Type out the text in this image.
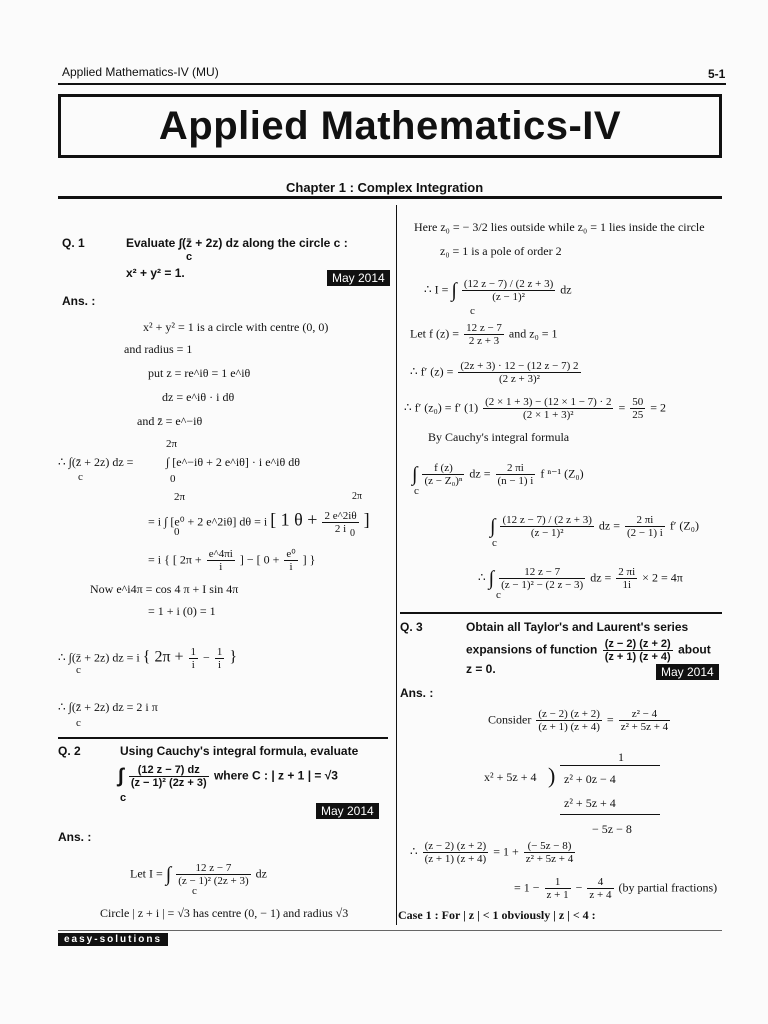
Applied Mathematics-IV (MU)	5-1
Applied Mathematics-IV
Chapter 1 : Complex Integration
Q. 1	Evaluate ∫(z̄ + 2z) dz along the circle c :
c
x² + y² = 1.	May 2014
Ans. :
x² + y² = 1 is a circle with centre (0, 0)
and radius = 1
put z = re^iθ = 1 e^iθ
dz = e^iθ · i dθ
and z̄ = e^−iθ
2π
∴ ∫(z̄ + 2z) dz =	∫ [e^−iθ + 2 e^iθ] · i e^iθ dθ
c	0
2π	2π
= i ∫ [e⁰ + 2 e^2iθ] dθ = i [ 1 $\theta + \frac{2 e\^{}2i\theta}{2 i}$ ]
0	0
= i { [ $2\pi + \frac{e\^{}4\pi i}{i}$ ] − [ $0 + \frac{\text{e⁰}}{i}$ ] }
Now e^i4π = cos 4 π + I sin 4π
= 1 + i (0) = 1
∴ ∫(z̄ + 2z) dz = i { $2\pi + \frac{1}{i} - \frac{1}{i}$ }
c
∴ ∫(z̄ + 2z) dz = 2 i π
c
Q. 2	Using Cauchy's integral formula, evaluate
∫ $\frac{(12 z - 7) dz}{\text{(z − 1)² (2z + 3)}}$ where C : | z + 1 | = √3
c
May 2014
Ans. :
Let I = ∫ $\frac{12 z - 7}{\text{(z − 1)² (2z + 3)}}$ dz
c
Circle | z + i | = √3 has centre (0, − 1) and radius √3
Here z₀ = − 3/2 lies outside while z₀ = 1 lies inside the circle
z₀ = 1 is a pole of order 2
∴ I = ∫ $\frac{(12 z - 7) / (2 z + 3)}{\text{(z − 1)²}}$ dz
c
Let f $(z) = \frac{12 z - 7}{2 z + 3}$ and z₀ = 1
∴ f′ $(z) = \frac{(2z + 3) \cdot 12 - (12 z - 7) 2}{\text{(2 z + 3)²}}$
∴ f′ (z₀) = f′ $(1) \frac{(2 \times 1 + 3) - (12 \times 1 - 7) \cdot 2}{\text{(2 × 1 + 3)²}} = \frac{50}{25} = 2$
By Cauchy's integral formula
∫ $\frac{f (z)}{\text{(z − Z₀)ⁿ}}$ dz = $\frac{2 \pi i}{(n - 1) i}$ f ⁿ⁻¹ (Z₀)
c
∫ $\frac{(12 z - 7) / (2 z + 3)}{\text{(z − 1)²}}$ dz = $\frac{2 \pi i}{(2 - 1) i} f'$ (Z₀)
c
∴ ∫ $\frac{12 z - 7}{\text{(z − 1)² − (2 z − 3)}}$ dz = $\frac{2 \pi i}{1i} \times 2 = 4\pi$
c
Q. 3	Obtain all Taylor's and Laurent's series
expansions of function $\frac{(z - 2) (z + 2)}{(z + 1) (z + 4)}$ about
z = 0.	May 2014
Ans. :
Consider $\frac{(z - 2) (z + 2)}{(z + 1) (z + 4)} = \frac{\text{z² − 4}}{\text{z² + 5z + 4}}$
1
x² + 5z + 4 ) z² + 0z − 4
z² + 5z + 4
− 5z − 8
∴ $\frac{(z - 2) (z + 2)}{(z + 1) (z + 4)} = 1 + \frac{(- 5z - 8)}{\text{z² + 5z + 4}}$
= $1 - \frac{1}{z + 1} - \frac{4}{z + 4} (by$ partial fractions)
Case 1 : For | z | < 1 obviously | z | < 4 :
easy-solutions
